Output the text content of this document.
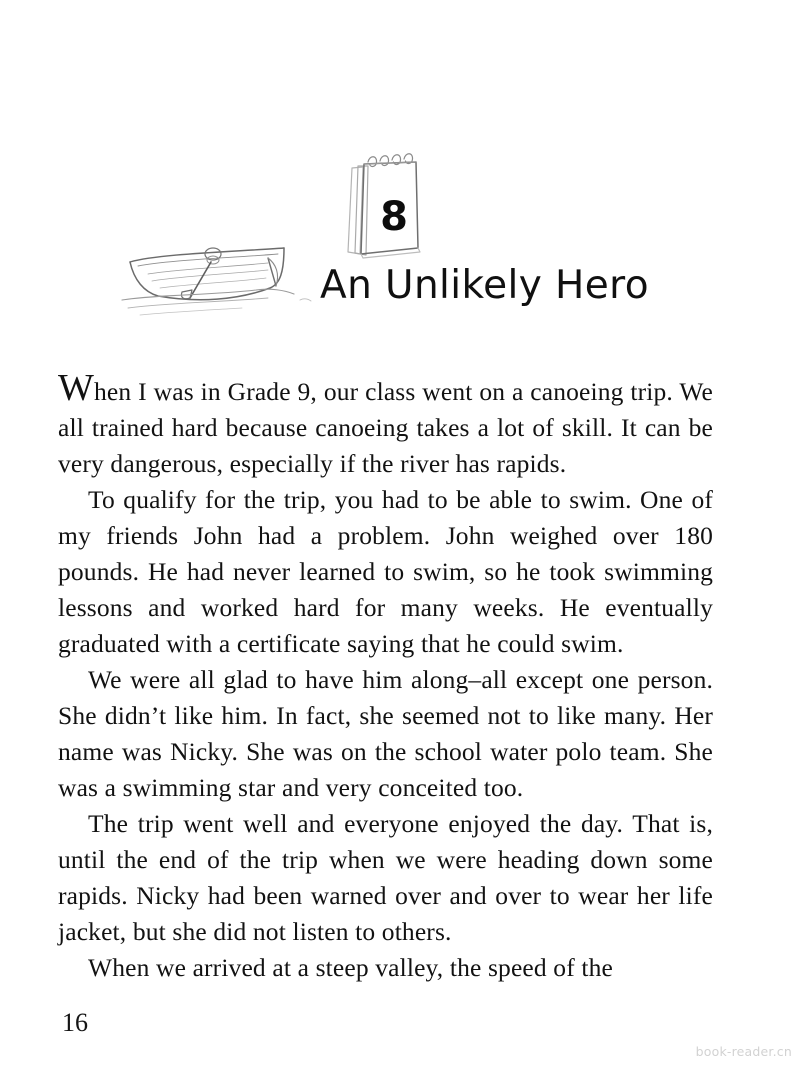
8
An Unlikely Hero

When I was in Grade 9, our class went on a canoeing trip. We all trained hard because canoeing takes a lot of skill. It can be very dangerous, especially if the river has rapids.

To qualify for the trip, you had to be able to swim. One of my friends John had a problem. John weighed over 180 pounds. He had never learned to swim, so he took swimming lessons and worked hard for many weeks. He eventually graduated with a certificate saying that he could swim.

We were all glad to have him along–all except one person. She didn’t like him. In fact, she seemed not to like many. Her name was Nicky. She was on the school water polo team. She was a swimming star and very conceited too.

The trip went well and everyone enjoyed the day. That is, until the end of the trip when we were heading down some rapids. Nicky had been warned over and over to wear her life jacket, but she did not listen to others.

When we arrived at a steep valley, the speed of the

16
book-reader.cn
